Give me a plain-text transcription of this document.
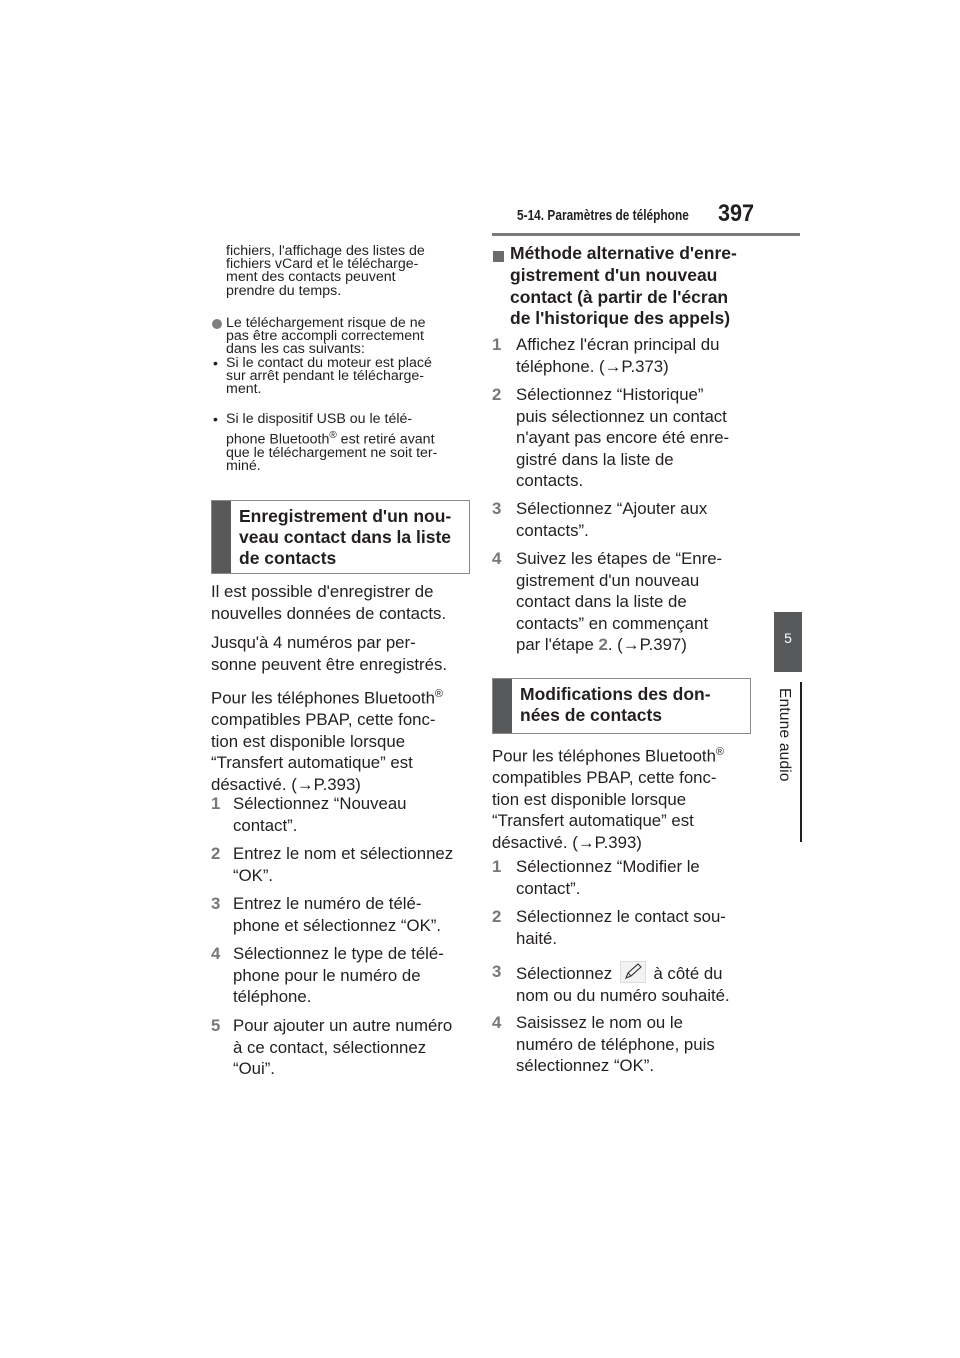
5-14. Paramètres de téléphone 397
5
Entune audio

fichiers, l'affichage des listes de

fichiers vCard et le télécharge-

ment des contacts peuvent

prendre du temps.

Le téléchargement risque de ne

pas être accompli correctement

dans les cas suivants:

• Si le contact du moteur est placé

sur arrêt pendant le télécharge-

ment.

• Si le dispositif USB ou le télé-

phone Bluetooth® est retiré avant

que le téléchargement ne soit ter-

miné.

Enregistrement d'un nou-
veau contact dans la liste
de contacts

Il est possible d'enregistrer de

nouvelles données de contacts.

Jusqu'à 4 numéros par per-

sonne peuvent être enregistrés.

Pour les téléphones Bluetooth®

compatibles PBAP, cette fonc-

tion est disponible lorsque

“Transfert automatique” est

désactivé. (→P.393)

1 Sélectionnez “Nouveau
contact”.
2 Entrez le nom et sélectionnez
“OK”.
3 Entrez le numéro de télé-
phone et sélectionnez “OK”.
4 Sélectionnez le type de télé-
phone pour le numéro de
téléphone.
5 Pour ajouter un autre numéro
à ce contact, sélectionnez
“Oui”.
Méthode alternative d'enre-
gistrement d'un nouveau
contact (à partir de l'écran
de l'historique des appels)
1 Affichez l'écran principal du
téléphone. (→P.373)
2 Sélectionnez “Historique”
puis sélectionnez un contact
n'ayant pas encore été enre-
gistré dans la liste de
contacts.
3 Sélectionnez “Ajouter aux
contacts”.
4 Suivez les étapes de “Enre-
gistrement d'un nouveau
contact dans la liste de
contacts” en commençant
par l'étape 2. (→P.397)
Modifications des don-
nées de contacts

Pour les téléphones Bluetooth®

compatibles PBAP, cette fonc-

tion est disponible lorsque

“Transfert automatique” est

désactivé. (→P.393)

1 Sélectionnez “Modifier le
contact”.
2 Sélectionnez le contact sou-
haité.
3 Sélectionnez à côté du
nom ou du numéro souhaité.
4 Saisissez le nom ou le
numéro de téléphone, puis
sélectionnez “OK”.
